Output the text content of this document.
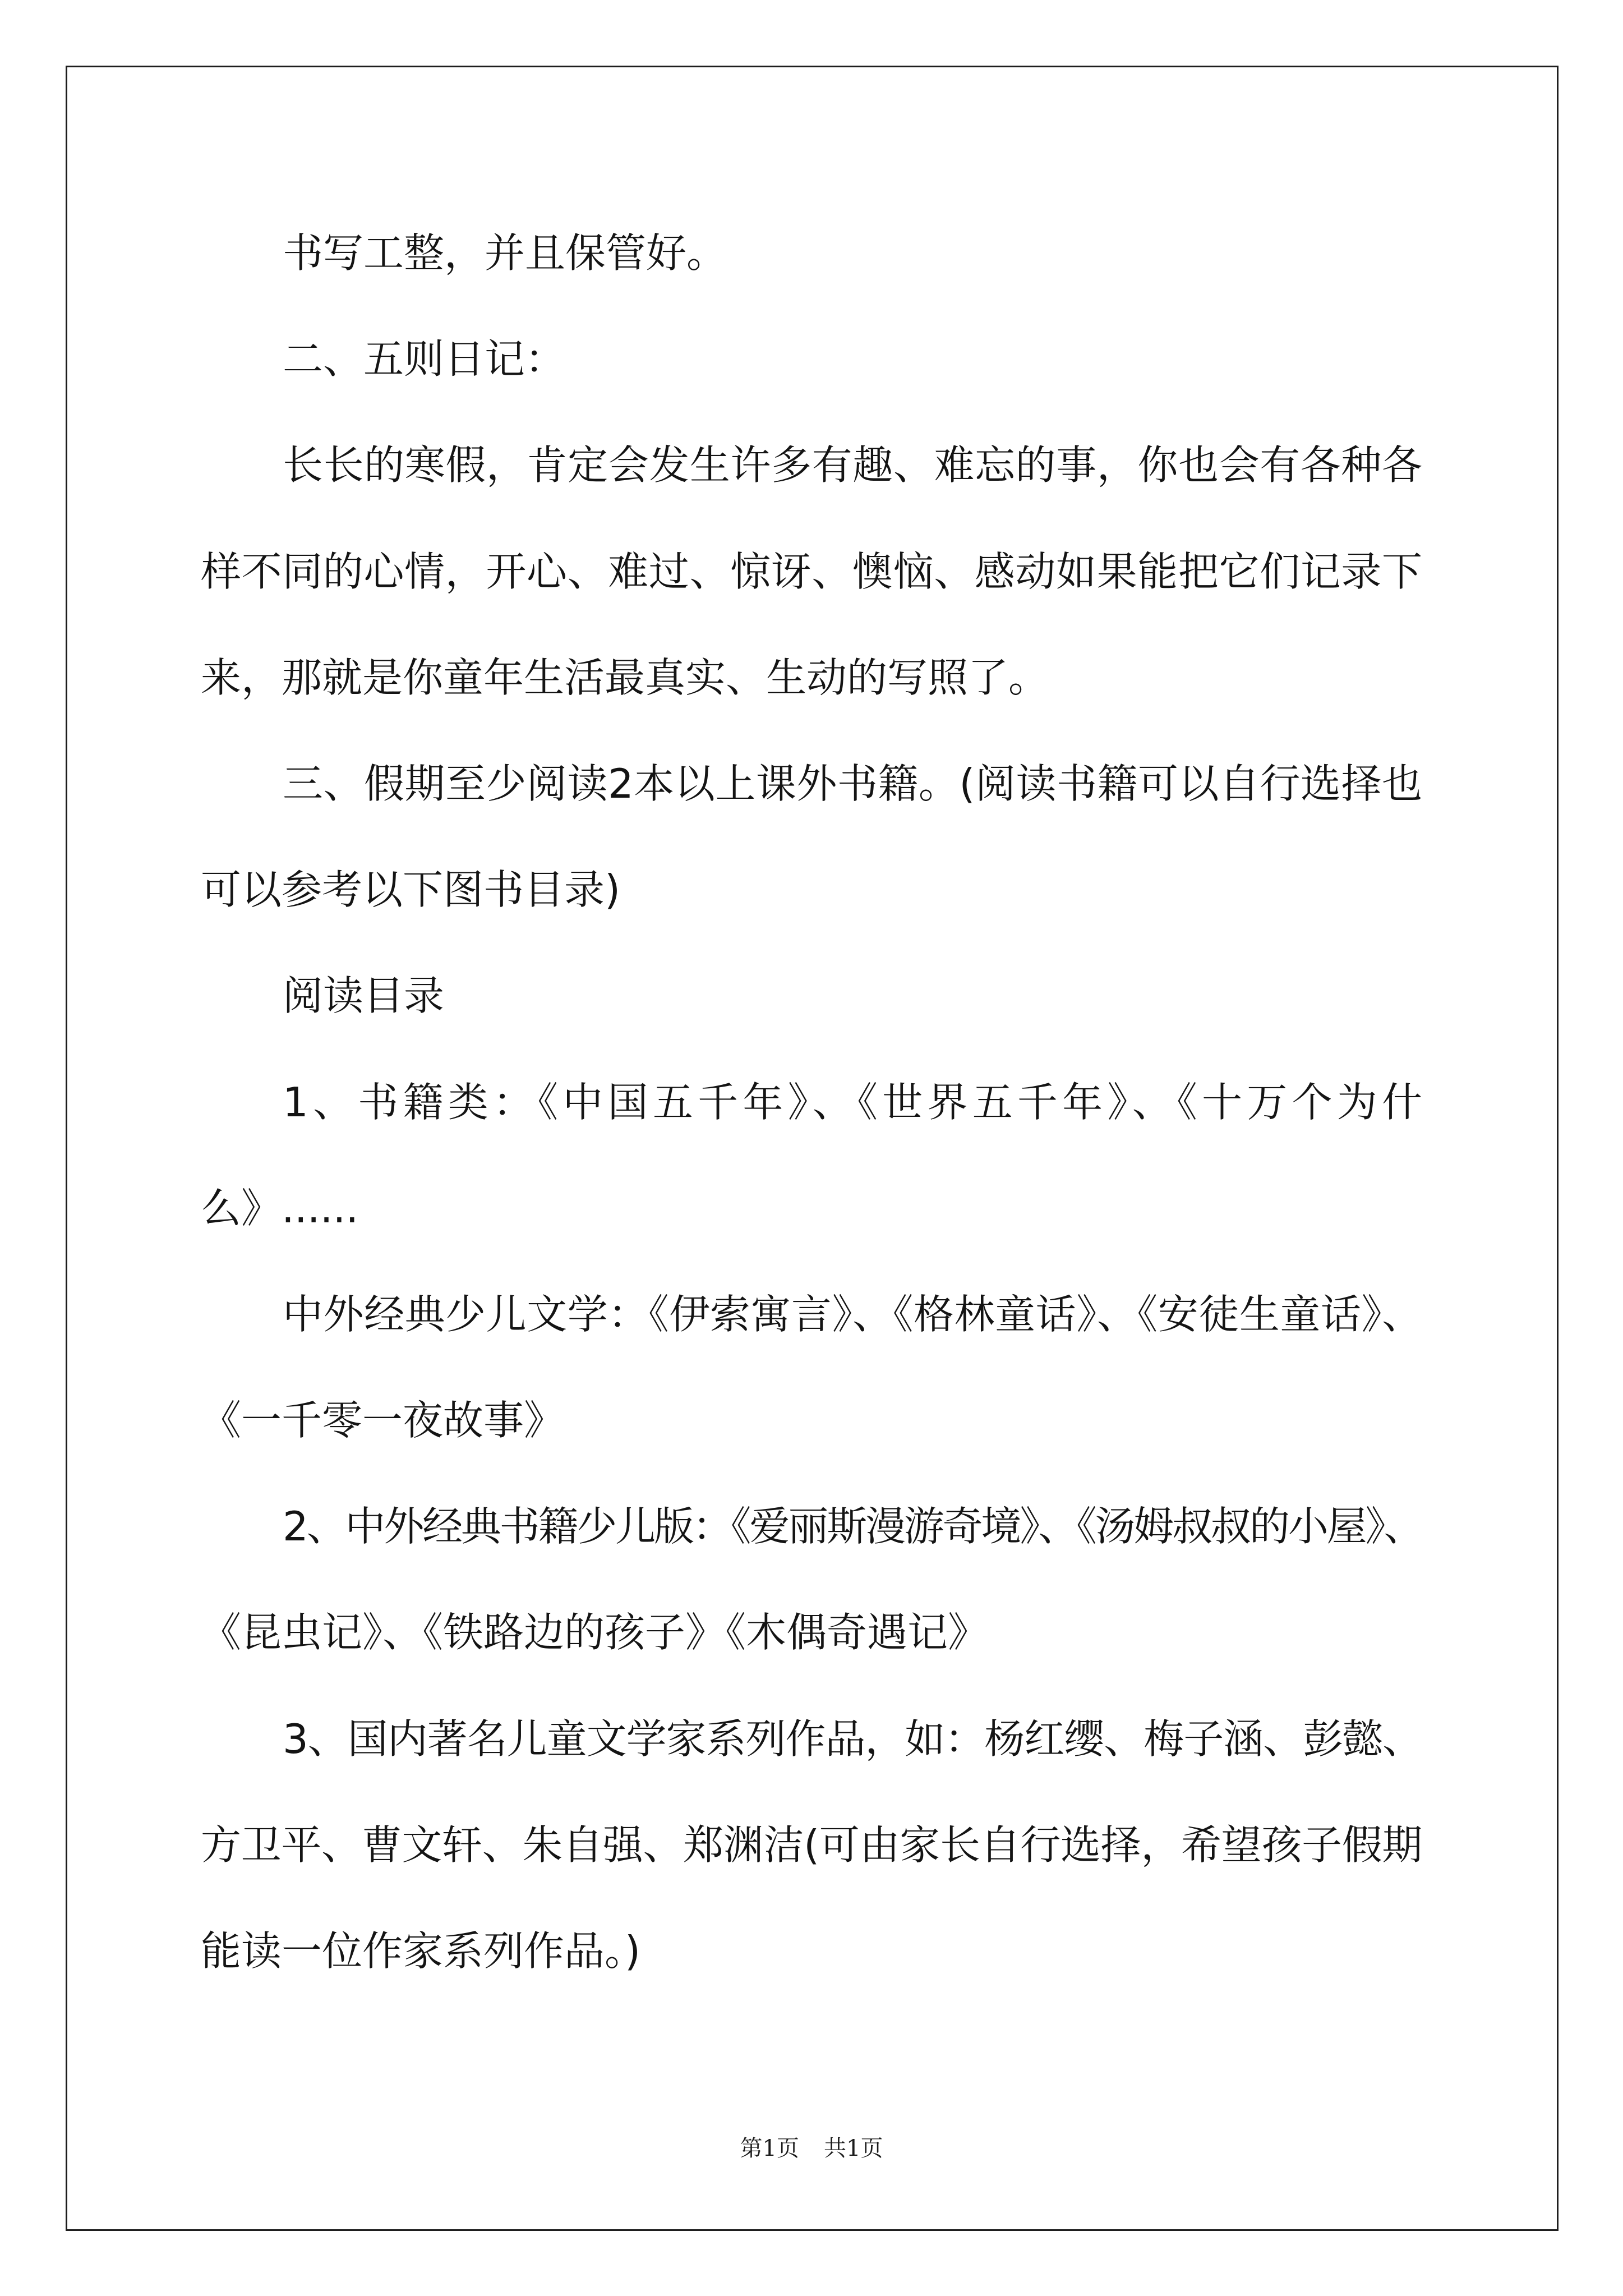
书写工整，并且保管好。
二、五则日记：
长长的寒假，肯定会发生许多有趣、难忘的事，你也会有各种各
样不同的心情，开心、难过、惊讶、懊恼、感动如果能把它们记录下
来，那就是你童年生活最真实、生动的写照了。
三、假期至少阅读2本以上课外书籍。(阅读书籍可以自行选择也
可以参考以下图书目录)
阅读目录
1、书籍类：《中国五千年》、《世界五千年》、《十万个为什
么》......
中外经典少儿文学：《伊索寓言》、《格林童话》、《安徒生童话》、
《一千零一夜故事》
2、中外经典书籍少儿版：《爱丽斯漫游奇境》、《汤姆叔叔的小屋》、
《昆虫记》、《铁路边的孩子》《木偶奇遇记》
3、国内著名儿童文学家系列作品，如：杨红缨、梅子涵、彭懿、
方卫平、曹文轩、朱自强、郑渊洁(可由家长自行选择，希望孩子假期
能读一位作家系列作品。)
第1页 共1页
